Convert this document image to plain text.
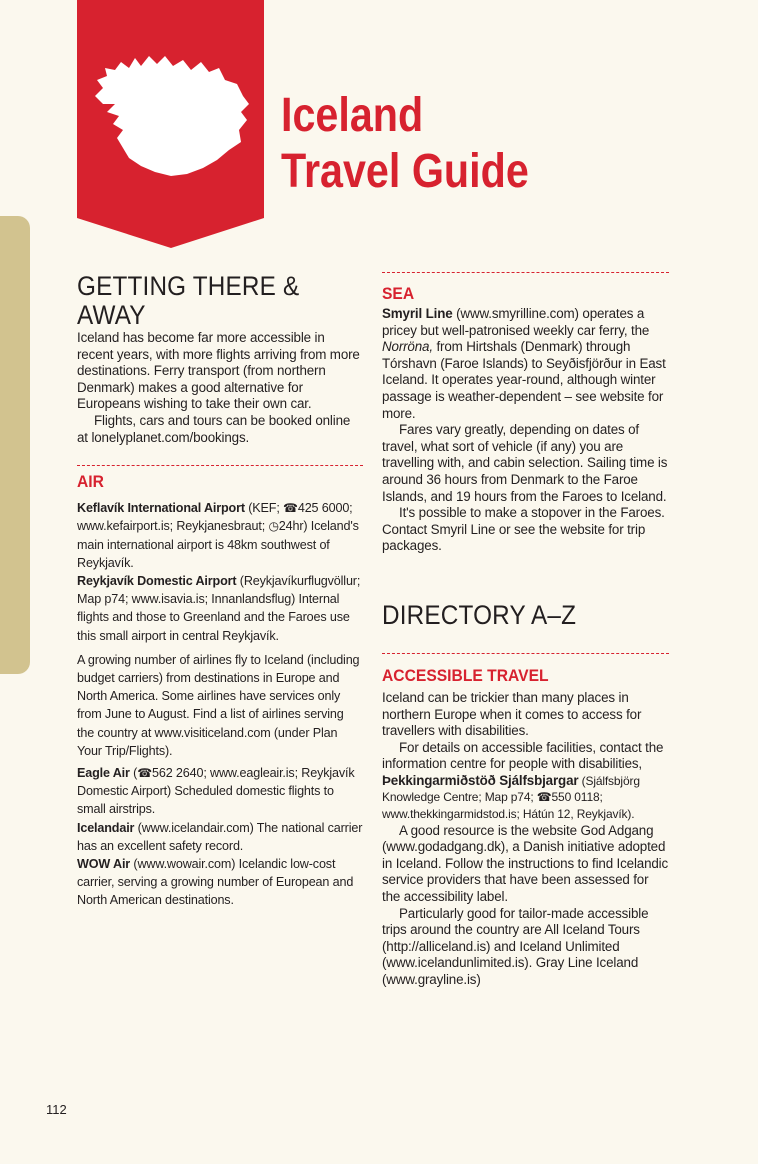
Iceland
Travel Guide
GETTING THERE & AWAY

Iceland has become far more accessible in recent years, with more flights arriving from more destinations. Ferry transport (from northern Denmark) makes a good alternative for Europeans wishing to take their own car.

Flights, cars and tours can be booked online at lonelyplanet.com/bookings.

AIR

Keflavík International Airport (KEF; ☎425 6000; www.kefairport.is; Reykjanesbraut; ◷24hr) Iceland's main international airport is 48km southwest of Reykjavík.

Reykjavík Domestic Airport (Reykjavíkurflugvöllur; Map p74; www.isavia.is; Innanlandsflug) Internal flights and those to Greenland and the Faroes use this small airport in central Reykjavík.

A growing number of airlines fly to Iceland (including budget carriers) from destinations in Europe and North America. Some airlines have services only from June to August. Find a list of airlines serving the country at www.visiticeland.com (under Plan Your Trip/Flights).

Eagle Air (☎562 2640; www.eagleair.is; Reykjavík Domestic Airport) Scheduled domestic flights to small airstrips.

Icelandair (www.icelandair.com) The national carrier has an excellent safety record.

WOW Air (www.wowair.com) Icelandic low-cost carrier, serving a growing number of European and North American destinations.

SEA

Smyril Line (www.smyrilline.com) operates a pricey but well-patronised weekly car ferry, the Norröna, from Hirtshals (Denmark) through Tórshavn (Faroe Islands) to Seyðisfjörður in East Iceland. It operates year-round, although winter passage is weather-dependent – see website for more.

Fares vary greatly, depending on dates of travel, what sort of vehicle (if any) you are travelling with, and cabin selection. Sailing time is around 36 hours from Denmark to the Faroe Islands, and 19 hours from the Faroes to Iceland.

It's possible to make a stopover in the Faroes. Contact Smyril Line or see the website for trip packages.

DIRECTORY A–Z
ACCESSIBLE TRAVEL

Iceland can be trickier than many places in northern Europe when it comes to access for travellers with disabilities.

For details on accessible facilities, contact the information centre for people with disabilities, Þekkingarmiðstöð Sjálfsbjargar (Sjálfsbjörg Knowledge Centre; Map p74; ☎550 0118; www.thekkingarmidstod.is; Hátún 12, Reykjavík).

A good resource is the website God Adgang (www.godadgang.dk), a Danish initiative adopted in Iceland. Follow the instructions to find Icelandic service providers that have been assessed for the accessibility label.

Particularly good for tailor-made accessible trips around the country are All Iceland Tours (http://alliceland.is) and Iceland Unlimited (www.icelandunlimited.is). Gray Line Iceland (www.grayline.is)

112
